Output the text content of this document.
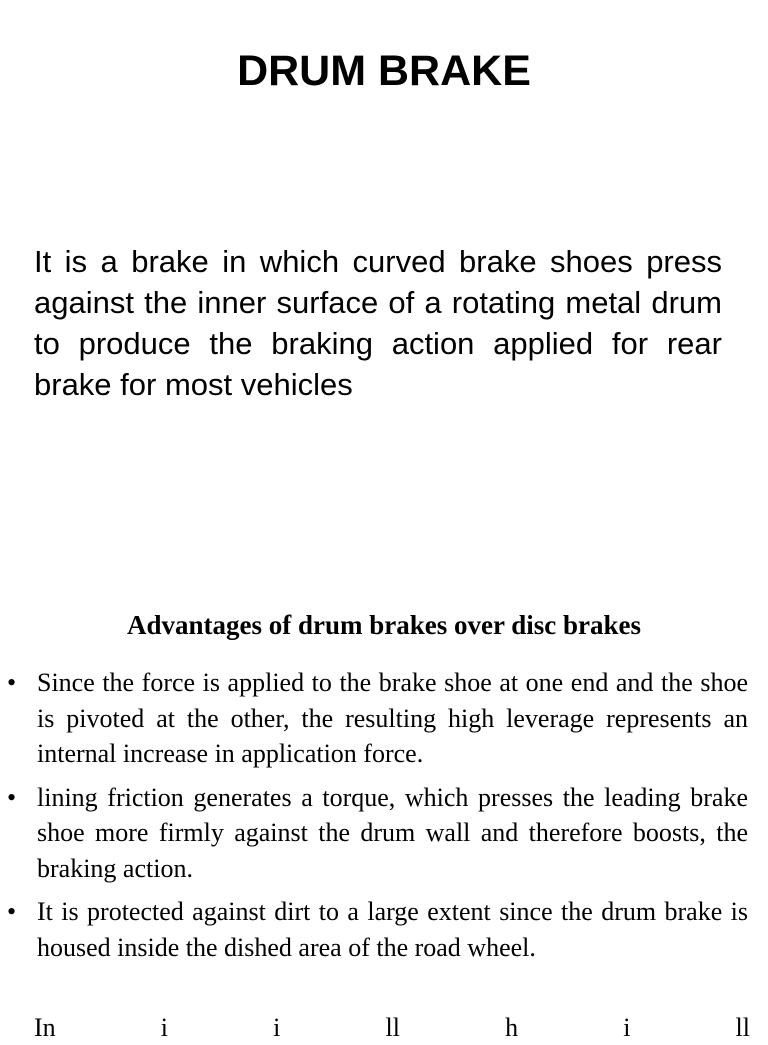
DRUM BRAKE

It is a brake in which curved brake shoes press against the inner surface of a rotating metal drum to produce the braking action applied for rear brake for most vehicles

Advantages of drum brakes over disc brakes
• Since the force is applied to the brake shoe at one end and the shoe is pivoted at the other, the resulting high leverage represents an internal increase in application force.
• lining friction generates a torque, which presses the leading brake shoe more firmly against the drum wall and therefore boosts, the braking action.
• It is protected against dirt to a large extent since the drum brake is housed inside the dished area of the road wheel.

In i i ll h i ll
